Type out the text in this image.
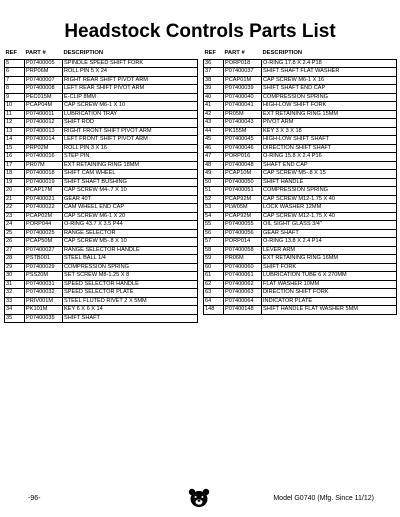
Headstock Controls Parts List
REF	PART #	DESCRIPTION
5	P07400005	SPINDLE SPEED SHIFT FORK
6	PRP06M	ROLL PIN 5 X 24
7	P07400007	RIGHT REAR SHIFT PIVOT ARM
8	P07400008	LEFT REAR SHIFT PIVOT ARM
9	PEC015M	E-CLIP 8MM
10	PCAP04M	CAP SCREW M6-1 X 10
11	P07400011	LUBRICATION TRAY
12	P07400012	SHIFT ROD
13	P07400013	RIGHT FRONT SHIFT PIVOT ARM
14	P07400014	LEFT FRONT SHIFT PIVOT ARM
15	PRP02M	ROLL PIN 3 X 16
16	P07400016	STEP PIN
17	PR07M	EXT RETAINING RING 18MM
18	P07400018	SHIFT CAM WHEEL
19	P07400019	SHIFT SHAFT BUSHING
20	PCAP17M	CAP SCREW M4-.7 X 10
21	P07400021	GEAR 40T
22	P07400022	CAM WHEEL END CAP
23	PCAP02M	CAP SCREW M6-1 X 20
24	PORP044	O-RING 43.7 X 3.5 P44
25	P07400025	RANGE SELECTOR
26	PCAP50M	CAP SCREW M5-.8 X 10
27	P07400027	RANGE SELECTOR HANDLE
28	PSTB001	STEEL BALL 1/4
29	P07400029	COMPRESSION SPRING
30	PSS20M	SET SCREW M8-1.25 X 8
31	P07400031	SPEED SELECTOR HANDLE
32	P07400032	SPEED SELECTOR PLATE
33	PRIV001M	STEEL FLUTED RIVET 2 X 5MM
34	PK101M	KEY 6 X 6 X 14
35	P07400035	SHIFT SHAFT
REF	PART #	DESCRIPTION
36	PORP018	O-RING 17.8 X 2.4 P18
37	P07400037	SHIFT SHAFT FLAT WASHER
38	PCAP01M	CAP SCREW M6-1 X 16
39	P07400039	SHIFT SHAFT END CAP
40	P07400040	COMPRESSION SPRING
41	P07400041	HIGH-LOW SHIFT FORK
42	PR05M	EXT RETAINING RING 15MM
43	P07400043	PIVOT ARM
44	PK155M	KEY 3 X 3 X 18
45	P07400045	HIGH-LOW SHIFT SHAFT
46	P07400046	DIRECTION SHIFT SHAFT
47	PORP016	O-RING 15.8 X 2.4 P16
48	P07400048	SHAFT END CAP
49	PCAP10M	CAP SCREW M5-.8 X 15
50	P07400050	SHIFT HANDLE
51	P07400051	COMPRESSION SPRING
52	PCAP92M	CAP SCREW M12-1.75 X 40
53	PLW05M	LOCK WASHER 12MM
54	PCAP92M	CAP SCREW M12-1.75 X 40
55	P07400055	OIL SIGHT GLASS 3/4"
56	P07400056	GEAR SHAFT
57	PORP014	O-RING 13.8 X 2.4 P14
58	P07400058	LEVER ARM
59	PR06M	EXT RETAINING RING 16MM
60	P07400060	SHIFT FORK
61	P07400061	LUBRICATION TUBE 6 X 270MM
62	P07400062	FLAT WASHER 10MM
63	P07400063	DIRECTION SHIFT FORK
64	P07400064	INDICATOR PLATE
148	P07400148	SHIFT HANDLE FLAT WASHER 5MM
-96-	Model G0740 (Mfg. Since 11/12)
